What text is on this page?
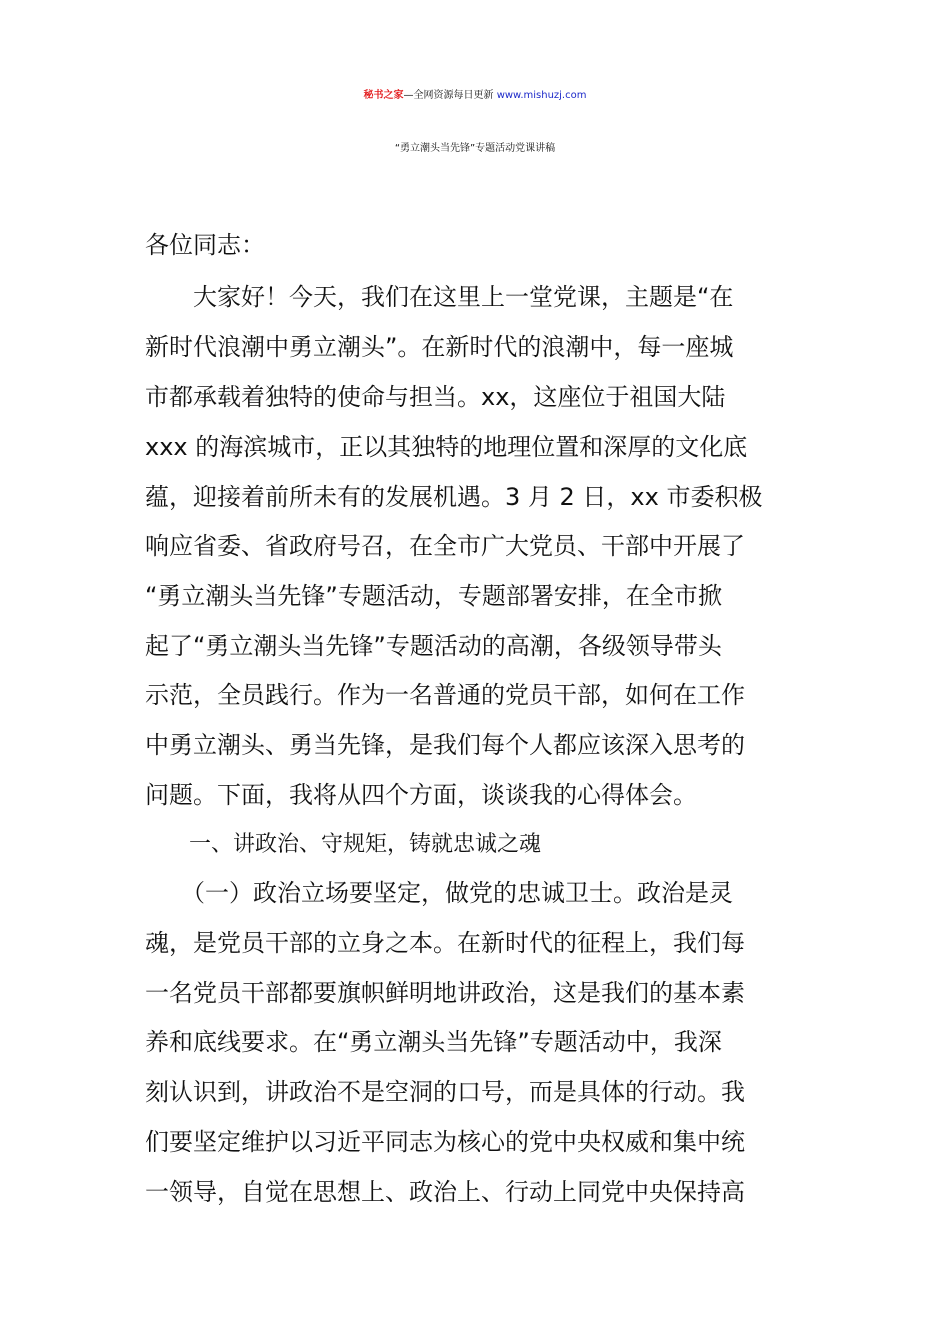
秘书之家—全网资源每日更新 www.mishuzj.com
“勇立潮头当先锋”专题活动党课讲稿
各位同志：
　　大家好！今天，我们在这里上一堂党课，主题是“在
新时代浪潮中勇立潮头”。在新时代的浪潮中，每一座城
市都承载着独特的使命与担当。xx，这座位于祖国大陆
xxx 的海滨城市，正以其独特的地理位置和深厚的文化底
蕴，迎接着前所未有的发展机遇。3 月 2 日，xx 市委积极
响应省委、省政府号召，在全市广大党员、干部中开展了
“勇立潮头当先锋”专题活动，专题部署安排，在全市掀
起了“勇立潮头当先锋”专题活动的高潮，各级领导带头
示范，全员践行。作为一名普通的党员干部，如何在工作
中勇立潮头、勇当先锋，是我们每个人都应该深入思考的
问题。下面，我将从四个方面，谈谈我的心得体会。
　　一、讲政治、守规矩，铸就忠诚之魂
　　（一）政治立场要坚定，做党的忠诚卫士。政治是灵
魂，是党员干部的立身之本。在新时代的征程上，我们每
一名党员干部都要旗帜鲜明地讲政治，这是我们的基本素
养和底线要求。在“勇立潮头当先锋”专题活动中，我深
刻认识到，讲政治不是空洞的口号，而是具体的行动。我
们要坚定维护以习近平同志为核心的党中央权威和集中统
一领导，自觉在思想上、政治上、行动上同党中央保持高
